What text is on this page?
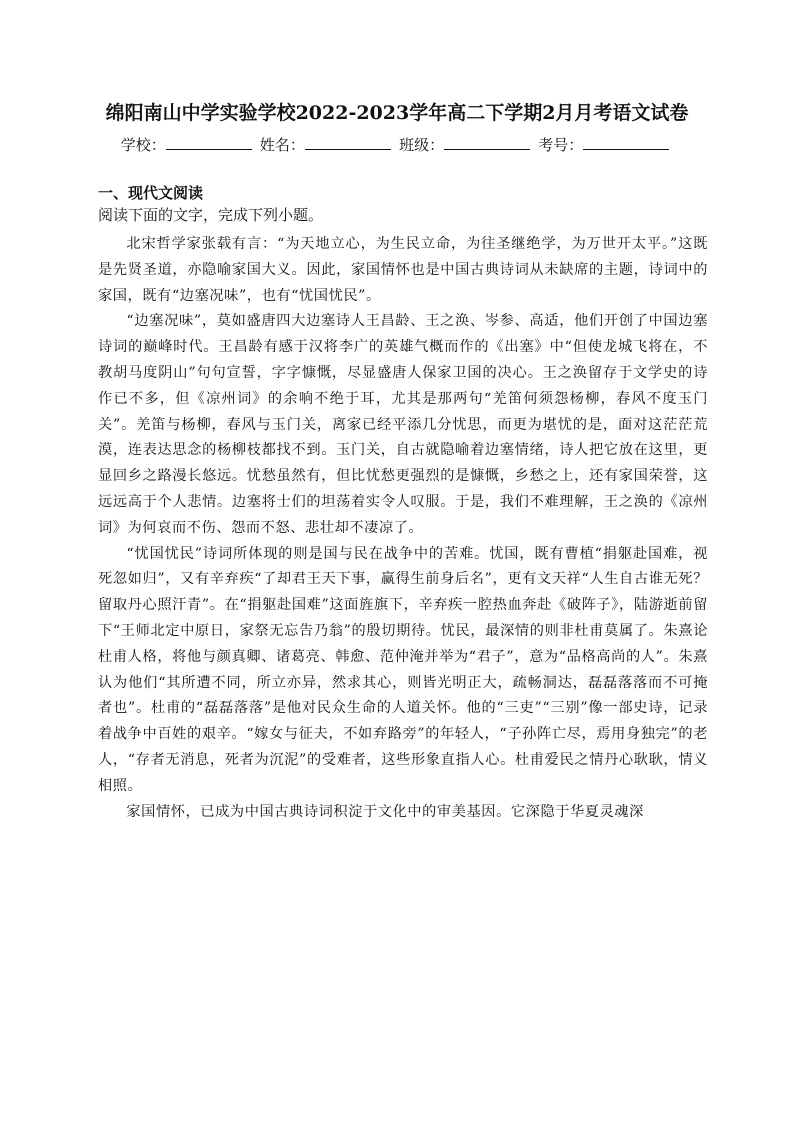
绵阳南山中学实验学校2022-2023学年高二下学期2月月考语文试卷
学校：	姓名：	班级：	考号：
一、现代文阅读
阅读下面的文字，完成下列小题。

北宋哲学家张载有言：“为天地立心，为生民立命，为往圣继绝学，为万世开太平。”这既是先贤圣道，亦隐喻家国大义。因此，家国情怀也是中国古典诗词从未缺席的主题，诗词中的家国，既有“边塞况味”，也有“忧国忧民”。

“边塞况味”，莫如盛唐四大边塞诗人王昌龄、王之涣、岑参、高适，他们开创了中国边塞诗词的巅峰时代。王昌龄有感于汉将李广的英雄气概而作的《出塞》中“但使龙城飞将在，不教胡马度阴山”句句宣誓，字字慷慨，尽显盛唐人保家卫国的决心。王之涣留存于文学史的诗作已不多，但《凉州词》的余响不绝于耳，尤其是那两句“羌笛何须怨杨柳，春风不度玉门关”。羌笛与杨柳，春风与玉门关，离家已经平添几分忧思，而更为堪忧的是，面对这茫茫荒漠，连表达思念的杨柳枝都找不到。玉门关，自古就隐喻着边塞情绪，诗人把它放在这里，更显回乡之路漫长悠远。忧愁虽然有，但比忧愁更强烈的是慷慨，乡愁之上，还有家国荣誉，这远远高于个人悲情。边塞将士们的坦荡着实令人叹服。于是，我们不难理解，王之涣的《凉州词》为何哀而不伤、怨而不怒、悲壮却不凄凉了。

“忧国忧民”诗词所体现的则是国与民在战争中的苦难。忧国，既有曹植“捐躯赴国难，视死忽如归”，又有辛弃疾“了却君王天下事，赢得生前身后名”，更有文天祥“人生自古谁无死？留取丹心照汗青”。在“捐躯赴国难”这面旌旗下，辛弃疾一腔热血奔赴《破阵子》，陆游逝前留下“王师北定中原日，家祭无忘告乃翁”的殷切期待。忧民，最深情的则非杜甫莫属了。朱熹论杜甫人格，将他与颜真卿、诸葛亮、韩愈、范仲淹并举为“君子”，意为“品格高尚的人”。朱熹认为他们“其所遭不同，所立亦异，然求其心，则皆光明正大，疏畅洞达，磊磊落落而不可掩者也”。杜甫的“磊磊落落”是他对民众生命的人道关怀。他的“三吏”“三别”像一部史诗，记录着战争中百姓的艰辛。“嫁女与征夫，不如弃路旁”的年轻人，“子孙阵亡尽，焉用身独完”的老人，“存者无消息，死者为沉泥”的受难者，这些形象直指人心。杜甫爱民之情丹心耿耿，情义相照。

家国情怀，已成为中国古典诗词积淀于文化中的审美基因。它深隐于华夏灵魂深
